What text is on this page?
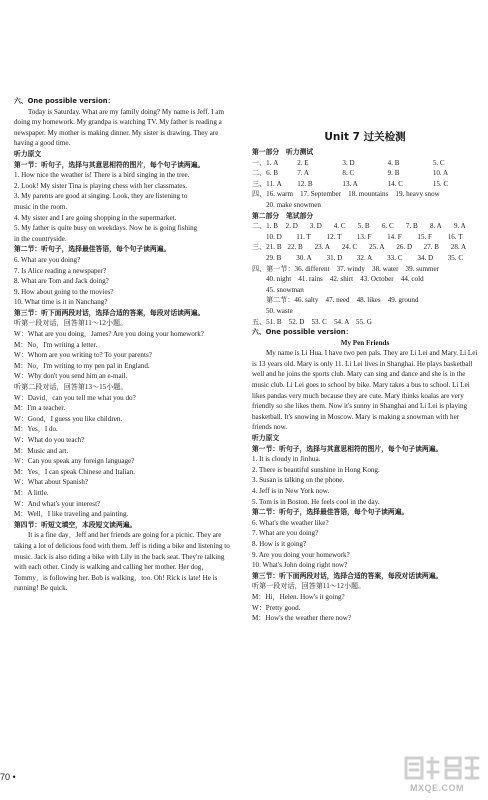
六、One possible version：
Today is Saturday. What are my family doing? My name is Jeff. I am doing my homework. My grandpa is watching TV. My father is reading a newspaper. My mother is making dinner. My sister is drawing. They are having a good time.
听力原文
第一节：听句子，选择与其意思相符的图片，每个句子读两遍。
1. How nice the weather is! There is a bird singing in the tree.
2. Look! My sister Tina is playing chess with her classmates.
3. My parents are good at singing. Look, they are listening to
music in the room.
4. My sister and I are going shopping in the supermarket.
5. My father is quite busy on weekdays. Now he is going fishing
in the countryside.
第二节：听句子，选择最佳答语，每个句子读两遍。
6. What are you doing?
7. Is Alice reading a newspaper?
8. What are Tom and Jack doing?
9. How about going to the movies?
10. What time is it in Nanchang?
第三节：听下面两段对话，选择合适的答案，每段对话读两遍。
听第一段对话，回答第11～12小题。
W：What are you doing，James? Are you doing your homework?
M：No，I'm writing a letter.
W：Whom are you writing to? To your parents?
M：No，I'm writing to my pen pal in England.
W：Why don't you send him an e-mail.
听第二段对话，回答第13～15小题。
W：David，can you tell me what you do?
M：I'm a teacher.
W：Good，I guess you like children.
M：Yes，I do.
W：What do you teach?
M：Music and art.
W：Can you speak any foreign language?
M：Yes，I can speak Chinese and Italian.
W：What about Spanish?
M：A little.
W：And what's your interest?
M：Well，I like traveling and painting.
第四节：听短文填空，本段短文读两遍。
It is a fine day，Jeff and her friends are going for a picnic. They are taking a lot of delicious food with them. Jeff is riding a bike and listening to music. Jack is also riding a bike with Lily in the back seat. They're talking with each other. Cindy is walking and calling her mother. Her dog，Tommy，is following her. Bob is walking，too. Oh! Rick is late! He is running! Be quick.
Unit 7 过关检测
第一部分　听力测试
一、1. A	2. E	3. D	4. B	5. C
二、6. B	7. A	8. C	9. B	10. A
三、11. A	12. B	13. A	14. C	15. C
四、16. warm　17. September　18. mountains　19. heavy snow
20. make snowmen
第二部分　笔试部分
二、1. B	2. D	3. D	4. C	5. B	6. C	7. B	8. A	9. A
10. D	11. T	12. T	13. F	14. F	15. F	16. T
三、21. B 22. B	23. A	24. C	25. A	26. D	27. B	28. A
29. B	30. A	31. D	32. A	33. C	34. D	35. C
四、第一节：36. different　37. windy　38. water　39. summer
40. night　41. rains　42. shirt　43. October　44. cold
45. snowman
第二节：46. salty　47. need　48. likes　49. ground
50. waste
五、51. B　52. D　53. C　54. A　55. G
六、One possible version：
My Pen Friends
My name is Li Hua. I have two pen pals. They are Li Lei and Mary. Li Lei is 13 years old. Mary is only 11. Li Lei lives in Shanghai. He plays basketball well and he joins the sports club. Mary can sing and dance and she is in the music club. Li Lei goes to school by bike. Mary takes a bus to school. Li Lei likes pandas very much because they are cute. Mary thinks koalas are very friendly so she likes them. Now it's sunny in Shanghai and Li Lei is playing basketball. It's snowing in Moscow. Mary is making a snowman with her friends now.
听力原文
第一节：听句子，选择与其意思相符的图片，每个句子读两遍。
1. It is cloudy in Jinhua.
2. There is beautiful sunshine in Hong Kong.
3. Susan is talking on the phone.
4. Jeff is in New York now.
5. Tom is in Boston. He feels cool in the day.
第二节：听句子，选择最佳答语，每个句子读两遍。
6. What's the weather like?
7. What are you doing?
8. How is it going?
9. Are you doing your homework?
10. What's John doing right now?
第三节：听下面两段对话，选择合适的答案，每段对话读两遍。
听第一段对话，回答第11～12小题。
M：Hi，Helen. How's it going?
W：Pretty good.
M：How's the weather there now?
70 •
MXQE.COM
